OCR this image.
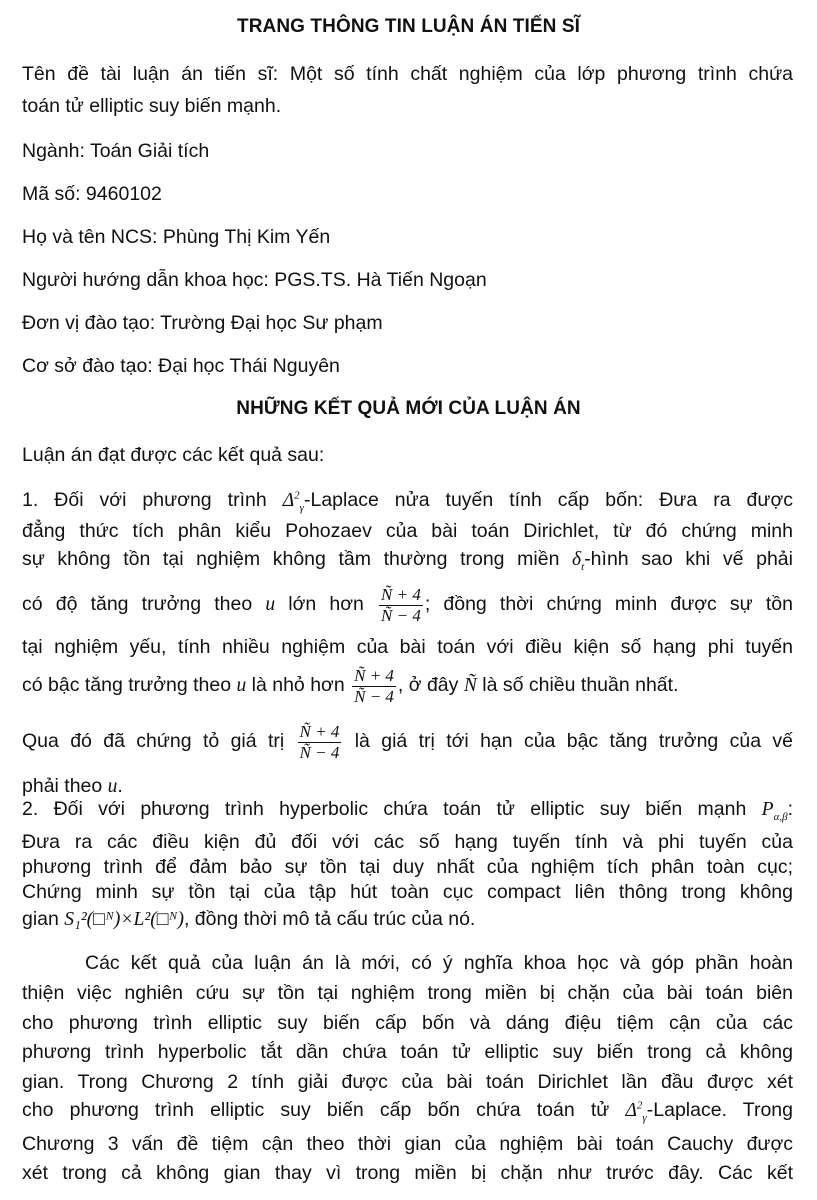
TRANG THÔNG TIN LUẬN ÁN TIẾN SĨ
Tên đề tài luận án tiến sĩ: Một số tính chất nghiệm của lớp phương trình chứa
toán tử elliptic suy biến mạnh.
Ngành: Toán Giải tích
Mã số: 9460102
Họ và tên NCS: Phùng Thị Kim Yến
Người hướng dẫn khoa học: PGS.TS. Hà Tiến Ngoạn
Đơn vị đào tạo: Trường Đại học Sư phạm
Cơ sở đào tạo: Đại học Thái Nguyên
NHỮNG KẾT QUẢ MỚI CỦA LUẬN ÁN
Luận án đạt được các kết quả sau:
1. Đối với phương trình $\Delta^2_\gamma$-Laplace nửa tuyến tính cấp bốn: Đưa ra được
đẳng thức tích phân kiểu Pohozaev của bài toán Dirichlet, từ đó chứng minh
sự không tồn tại nghiệm không tầm thường trong miền $\delta_t$-hình sao khi vế phải
có độ tăng trưởng theo u lớn hơn $\frac{Ñ + 4}{Ñ - 4}$ ; đồng thời chứng minh được sự tồn
tại nghiệm yếu, tính nhiều nghiệm của bài toán với điều kiện số hạng phi tuyến
có bậc tăng trưởng theo u là nhỏ hơn $\frac{Ñ + 4}{Ñ - 4}$ , ở đây Ñ là số chiều thuần nhất.
Qua đó đã chứng tỏ giá trị $\frac{Ñ + 4}{Ñ - 4}$ là giá trị tới hạn của bậc tăng trưởng của vế
phải theo u.
2. Đối với phương trình hyperbolic chứa toán tử elliptic suy biến mạnh $P_{\alpha,\beta}$:
Đưa ra các điều kiện đủ đối với các số hạng tuyến tính và phi tuyến của
phương trình để đảm bảo sự tồn tại duy nhất của nghiệm tích phân toàn cục;
Chứng minh sự tồn tại của tập hút toàn cục compact liên thông trong không
gian S₁²(□ᴺ)×L²(□ᴺ), đồng thời mô tả cấu trúc của nó.
Các kết quả của luận án là mới, có ý nghĩa khoa học và góp phần hoàn
thiện việc nghiên cứu sự tồn tại nghiệm trong miền bị chặn của bài toán biên
cho phương trình elliptic suy biến cấp bốn và dáng điệu tiệm cận của các
phương trình hyperbolic tắt dần chứa toán tử elliptic suy biến trong cả không
gian. Trong Chương 2 tính giải được của bài toán Dirichlet lần đầu được xét
cho phương trình elliptic suy biến cấp bốn chứa toán tử $\Delta^2_\gamma$-Laplace. Trong
Chương 3 vấn đề tiệm cận theo thời gian của nghiệm bài toán Cauchy được
xét trong cả không gian thay vì trong miền bị chặn như trước đây. Các kết
